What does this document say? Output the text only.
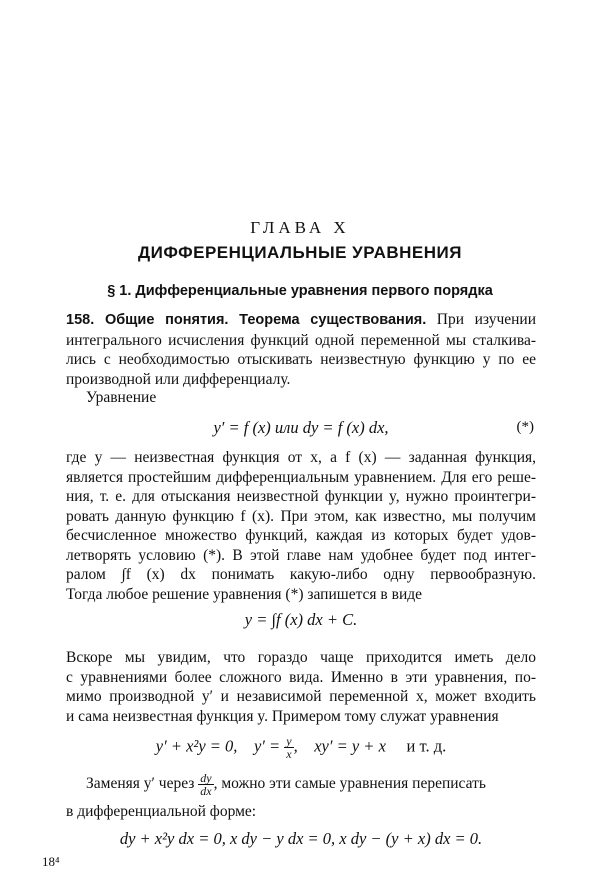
ГЛАВА X
ДИФФЕРЕНЦИАЛЬНЫЕ УРАВНЕНИЯ
§ 1. Дифференциальные уравнения первого порядка
158. Общие понятия. Теорема существования. При изучении
интегрального исчисления функций одной переменной мы сталкива-
лись с необходимостью отыскивать неизвестную функцию y по ее
производной или дифференциалу.
Уравнение
y′ = f (x) или dy = f (x) dx,	(*)
где y — неизвестная функция от x, а f (x) — заданная функция,
является простейшим дифференциальным уравнением. Для его реше-
ния, т. е. для отыскания неизвестной функции y, нужно проинтегри-
ровать данную функцию f (x). При этом, как известно, мы получим
бесчисленное множество функций, каждая из которых будет удов-
летворять условию (*). В этой главе нам удобнее будет под интег-
ралом ∫f (x) dx понимать какую-либо одну первообразную.
Тогда любое решение уравнения (*) запишется в виде
y = ∫f (x) dx + C.
Вскоре мы увидим, что гораздо чаще приходится иметь дело
с уравнениями более сложного вида. Именно в эти уравнения, по-
мимо производной y′ и независимой переменной x, может входить
и сама неизвестная функция y. Примером тому служат уравнения
y′ + x²y = 0, $y' = \frac{y}{x}$ ,    xy′ = y + x и т. д.
Заменяя y′ через $\frac{dy}{dx}$ , можно эти самые уравнения переписать
в дифференциальной форме:
dy + x²y dx = 0, x dy − y dx = 0, x dy − (y + x) dx = 0.
18⁴
